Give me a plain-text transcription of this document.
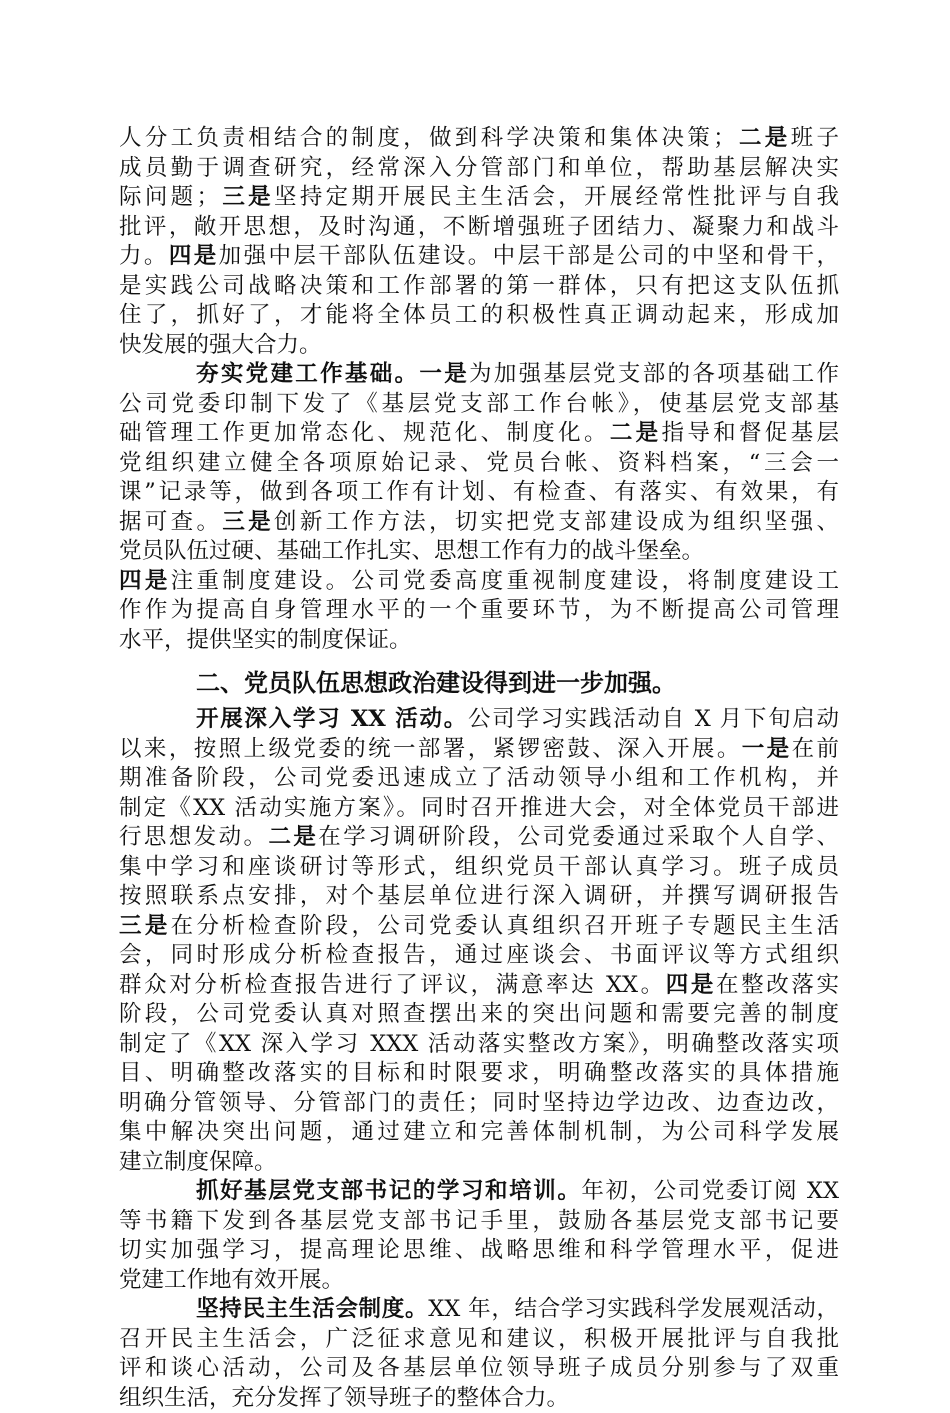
人分工负责相结合的制度，做到科学决策和集体决策；二是班子
成员勤于调查研究，经常深入分管部门和单位，帮助基层解决实
际问题；三是坚持定期开展民主生活会，开展经常性批评与自我
批评，敞开思想，及时沟通，不断增强班子团结力、凝聚力和战斗
力。四是加强中层干部队伍建设。中层干部是公司的中坚和骨干，
是实践公司战略决策和工作部署的第一群体，只有把这支队伍抓
住了，抓好了，才能将全体员工的积极性真正调动起来，形成加
快发展的强大合力。
夯实党建工作基础。一是为加强基层党支部的各项基础工作
公司党委印制下发了《基层党支部工作台帐》，使基层党支部基
础管理工作更加常态化、规范化、制度化。二是指导和督促基层
党组织建立健全各项原始记录、党员台帐、资料档案，“三会一
课”记录等，做到各项工作有计划、有检查、有落实、有效果，有
据可查。三是创新工作方法，切实把党支部建设成为组织坚强、
党员队伍过硬、基础工作扎实、思想工作有力的战斗堡垒。
四是注重制度建设。公司党委高度重视制度建设，将制度建设工
作作为提高自身管理水平的一个重要环节，为不断提高公司管理
水平，提供坚实的制度保证。
二、党员队伍思想政治建设得到进一步加强。
开展深入学习 XX 活动。公司学习实践活动自 X 月下旬启动
以来，按照上级党委的统一部署，紧锣密鼓、深入开展。一是在前
期准备阶段，公司党委迅速成立了活动领导小组和工作机构，并
制定《XX 活动实施方案》。同时召开推进大会，对全体党员干部进
行思想发动。二是在学习调研阶段，公司党委通过采取个人自学、
集中学习和座谈研讨等形式，组织党员干部认真学习。班子成员
按照联系点安排，对个基层单位进行深入调研，并撰写调研报告
三是在分析检查阶段，公司党委认真组织召开班子专题民主生活
会，同时形成分析检查报告，通过座谈会、书面评议等方式组织
群众对分析检查报告进行了评议，满意率达 XX。四是在整改落实
阶段，公司党委认真对照查摆出来的突出问题和需要完善的制度
制定了《XX 深入学习 XXX 活动落实整改方案》，明确整改落实项
目、明确整改落实的目标和时限要求，明确整改落实的具体措施
明确分管领导、分管部门的责任；同时坚持边学边改、边查边改，
集中解决突出问题，通过建立和完善体制机制，为公司科学发展
建立制度保障。
抓好基层党支部书记的学习和培训。年初，公司党委订阅 XX
等书籍下发到各基层党支部书记手里，鼓励各基层党支部书记要
切实加强学习，提高理论思维、战略思维和科学管理水平，促进
党建工作地有效开展。
坚持民主生活会制度。XX 年，结合学习实践科学发展观活动，
召开民主生活会，广泛征求意见和建议，积极开展批评与自我批
评和谈心活动，公司及各基层单位领导班子成员分别参与了双重
组织生活，充分发挥了领导班子的整体合力。
